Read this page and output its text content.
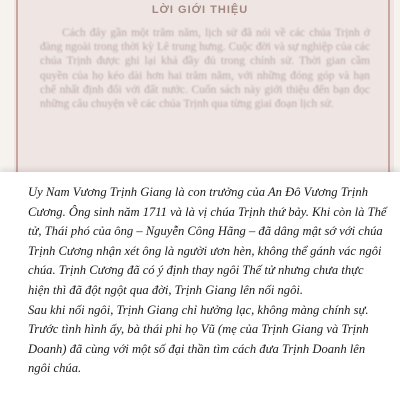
LỜI GIỚI THIỆU

Cách đây gần một trăm năm, lịch sử đã nói về các chúa Trịnh ở đàng ngoài trong thời kỳ Lê trung hưng. Cuộc đời và sự nghiệp của các chúa Trịnh được ghi lại khá đầy đủ trong chính sử. Thời gian cầm quyền của họ kéo dài hơn hai trăm năm, với những đóng góp và hạn chế nhất định đối với đất nước. Cuốn sách này giới thiệu đến bạn đọc những câu chuyện về các chúa Trịnh qua từng giai đoạn lịch sử.

Uy Nam Vương Trịnh Giang là con trưởng của An Đô Vương Trịnh Cương. Ông sinh năm 1711 và là vị chúa Trịnh thứ bảy. Khi còn là Thế tử, Thái phó của ông – Nguyễn Công Hãng – đã dâng mật sớ với chúa Trịnh Cương nhận xét ông là người ươn hèn, không thể gánh vác ngôi chúa. Trịnh Cương đã có ý định thay ngôi Thế tử nhưng chưa thực hiện thì đã đột ngột qua đời, Trịnh Giang lên nối ngôi.

Sau khi nối ngôi, Trịnh Giang chỉ hưởng lạc, không màng chính sự. Trước tình hình ấy, bà thái phi họ Vũ (mẹ của Trịnh Giang và Trịnh Doanh) đã cùng với một số đại thần tìm cách đưa Trịnh Doanh lên ngôi chúa.
